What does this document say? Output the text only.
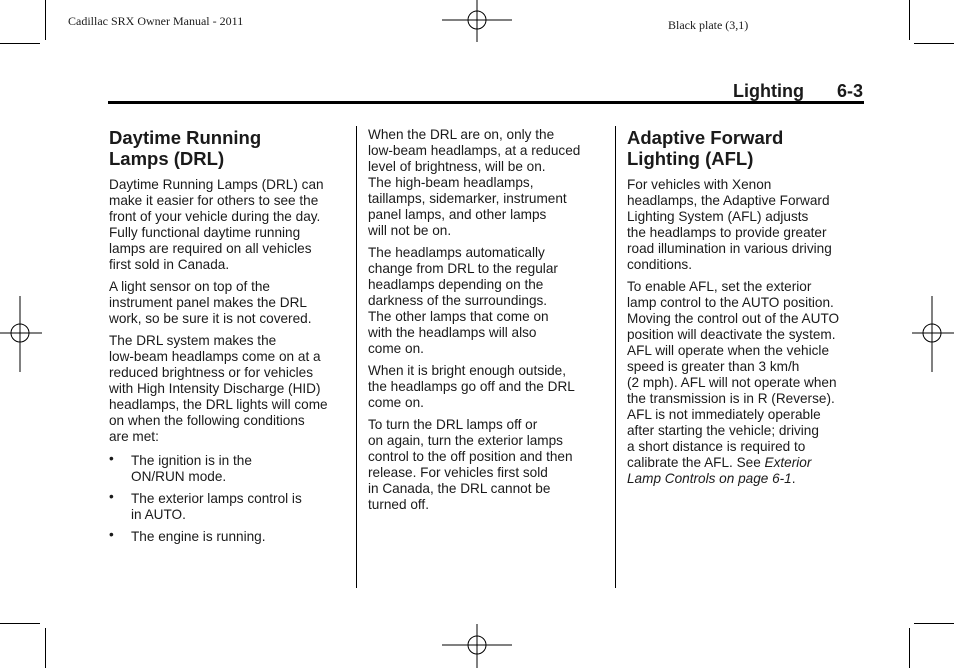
Cadillac SRX Owner Manual - 2011	Black plate (3,1)
Lighting 6-3
Daytime Running
Lamps (DRL)

Daytime Running Lamps (DRL) can
make it easier for others to see the
front of your vehicle during the day.
Fully functional daytime running
lamps are required on all vehicles
first sold in Canada.

A light sensor on top of the
instrument panel makes the DRL
work, so be sure it is not covered.

The DRL system makes the
low-beam headlamps come on at a
reduced brightness or for vehicles
with High Intensity Discharge (HID)
headlamps, the DRL lights will come
on when the following conditions
are met:

• The ignition is in the
ON/RUN mode.
• The exterior lamps control is
in AUTO.
• The engine is running.

When the DRL are on, only the
low-beam headlamps, at a reduced
level of brightness, will be on.
The high-beam headlamps,
taillamps, sidemarker, instrument
panel lamps, and other lamps
will not be on.

The headlamps automatically
change from DRL to the regular
headlamps depending on the
darkness of the surroundings.
The other lamps that come on
with the headlamps will also
come on.

When it is bright enough outside,
the headlamps go off and the DRL
come on.

To turn the DRL lamps off or
on again, turn the exterior lamps
control to the off position and then
release. For vehicles first sold
in Canada, the DRL cannot be
turned off.

Adaptive Forward
Lighting (AFL)

For vehicles with Xenon
headlamps, the Adaptive Forward
Lighting System (AFL) adjusts
the headlamps to provide greater
road illumination in various driving
conditions.

To enable AFL, set the exterior
lamp control to the AUTO position.
Moving the control out of the AUTO
position will deactivate the system.
AFL will operate when the vehicle
speed is greater than 3 km/h
(2 mph). AFL will not operate when
the transmission is in R (Reverse).
AFL is not immediately operable
after starting the vehicle; driving
a short distance is required to
calibrate the AFL. See Exterior
Lamp Controls on page 6-1.
